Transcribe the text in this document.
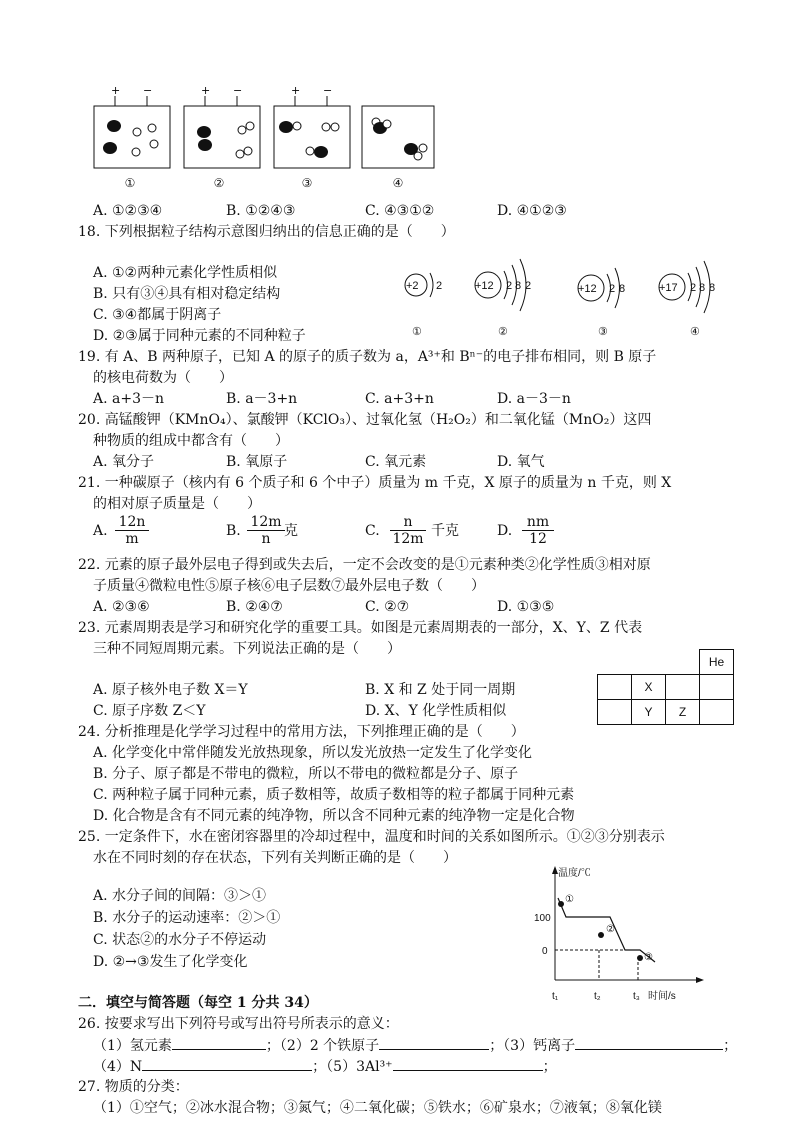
+ −	+ −	+ −
①	②	③	④
A. ①②③④	B. ①②④③	C. ④③①②	D. ④①②③
18. 下列根据粒子结构示意图归纳出的信息正确的是（　　）
A. ①②两种元素化学性质相似
B. 只有③④具有相对稳定结构
C. ③④都属于阴离子
D. ②③属于同种元素的不同种粒子
+2 2
①
+12 2 8 2
②
+12 2 8
③
+17 2 8 8
④
19. 有 A、B 两种原子，已知 A 的原子的质子数为 a，A³⁺和 Bⁿ⁻的电子排布相同，则 B 原子
的核电荷数为（　　）
A. a+3－n	B. a－3+n	C. a+3+n	D. a－3－n
20. 高锰酸钾（KMnO₄）、氯酸钾（KClO₃）、过氧化氢（H₂O₂）和二氧化锰（MnO₂）这四
种物质的组成中都含有（　　）
A. 氧分子	B. 氧原子	C. 氧元素	D. 氧气
21. 一种碳原子（核内有 6 个质子和 6 个中子）质量为 m 千克，X 原子的质量为 n 千克，则 X
的相对原子质量是（　　）
A. $\frac{12n}{m}$	B. $\frac{12m}{n}$ 克	C. $\frac{n}{12m}$ 千克	D. $\frac{nm}{12}$
22. 元素的原子最外层电子得到或失去后，一定不会改变的是①元素种类②化学性质③相对原
子质量④微粒电性⑤原子核⑥电子层数⑦最外层电子数（　　）
A. ②③⑥	B. ②④⑦	C. ②⑦	D. ①③⑤
23. 元素周期表是学习和研究化学的重要工具。如图是元素周期表的一部分，X、Y、Z 代表
三种不同短周期元素。下列说法正确的是（　　）
A. 原子核外电子数 X＝Y	B. X 和 Z 处于同一周期
C. 原子序数 Z＜Y	D. X、Y 化学性质相似
			He
	X		
	Y	Z	
24. 分析推理是化学学习过程中的常用方法，下列推理正确的是（　　）
A. 化学变化中常伴随发光放热现象，所以发光放热一定发生了化学变化
B. 分子、原子都是不带电的微粒，所以不带电的微粒都是分子、原子
C. 两种粒子属于同种元素，质子数相等，故质子数相等的粒子都属于同种元素
D. 化合物是含有不同元素的纯净物，所以含不同种元素的纯净物一定是化合物
25. 一定条件下，水在密闭容器里的冷却过程中，温度和时间的关系如图所示。①②③分别表示
水在不同时刻的存在状态，下列有关判断正确的是（　　）
A. 水分子间的间隔：③＞①
B. 水分子的运动速率：②＞①
C. 状态②的水分子不停运动
D. ②→③发生了化学变化
温度/℃
100
0
①
②
③
t₁	t₂	t₃ 时间/s
二．填空与简答题（每空 1 分共 34）
26. 按要求写出下列符号或写出符号所表示的意义：
（1）氢元素	；（2）2 个铁原子	；（3）钙离子	；
（4）N	；（5）3Al³⁺	；
27. 物质的分类：
（1）①空气；②冰水混合物；③氮气；④二氧化碳；⑤铁水；⑥矿泉水；⑦液氧；⑧氧化镁
